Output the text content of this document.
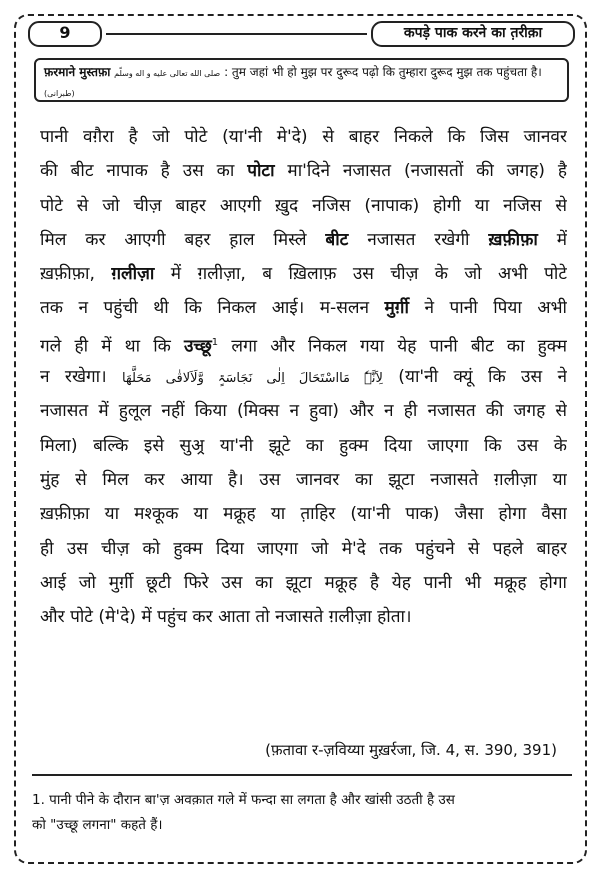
9	कपड़े पाक करने का त़रीक़ा
फ़रमाने मुस्तफ़ा صلى الله تعالى عليه و اله وسلّم : तुम जहां भी हो मुझ पर दुरूद पढ़ो कि तुम्हारा दुरूद मुझ तक पहुंचता है। (طبرانی)
पानी वग़ैरा है जो पोटे (या'नी मे'दे) से बाहर निकले कि जिस जानवर
की बीट नापाक है उस का पोटा मा'दिने नजासत (नजासतों की जगह) है
पोटे से जो चीज़ बाहर आएगी ख़ुद नजिस (नापाक) होगी या नजिस से
मिल कर आएगी बहर ह़ाल मिस्ले बीट नजासत रखेगी ख़फ़ीफ़ा में
ख़फ़ीफ़ा, ग़लीज़ा में ग़लीज़ा, ब ख़िलाफ़ उस चीज़ के जो अभी पोटे
तक न पहुंची थी कि निकल आई। म-सलन मुर्ग़ी ने पानी पिया अभी
गले ही में था कि उच्छू$^1$ लगा और निकल गया येह पानी बीट का हुक्म
न रखेगा। لِاَنَّہٗ مَااسْتَحَالَ اِلٰی نَجَاسَۃٍ وَّلَاَلاقٰی مَحَلَّھَا (या'नी क्यूं कि उस ने
नजासत में हुलूल नहीं किया (मिक्स न हुवा) और न ही नजासत की जगह से
मिला) बल्कि इसे सुअ्र या'नी झूटे का हुक्म दिया जाएगा कि उस के
मुंह से मिल कर आया है। उस जानवर का झूटा नजासते ग़लीज़ा या
ख़फ़ीफ़ा या मश्कूक या मक्रूह या त़ाहिर (या'नी पाक) जैसा होगा वैसा
ही उस चीज़ को हुक्म दिया जाएगा जो मे'दे तक पहुंचने से पहले बाहर
आई जो मुर्ग़ी छूटी फिरे उस का झूटा मक्रूह है येह पानी भी मक्रूह होगा
और पोटे (मे'दे) में पहुंच कर आता तो नजासते ग़लीज़ा होता।
(फ़तावा र-ज़विय्या मुख़र्रजा, जि. 4, स. 390, 391)
1. पानी पीने के दौरान बा'ज़ अवक़ात गले में फन्दा सा लगता है और खांसी उठती है उस
को "उच्छू लगना" कहते हैं।
